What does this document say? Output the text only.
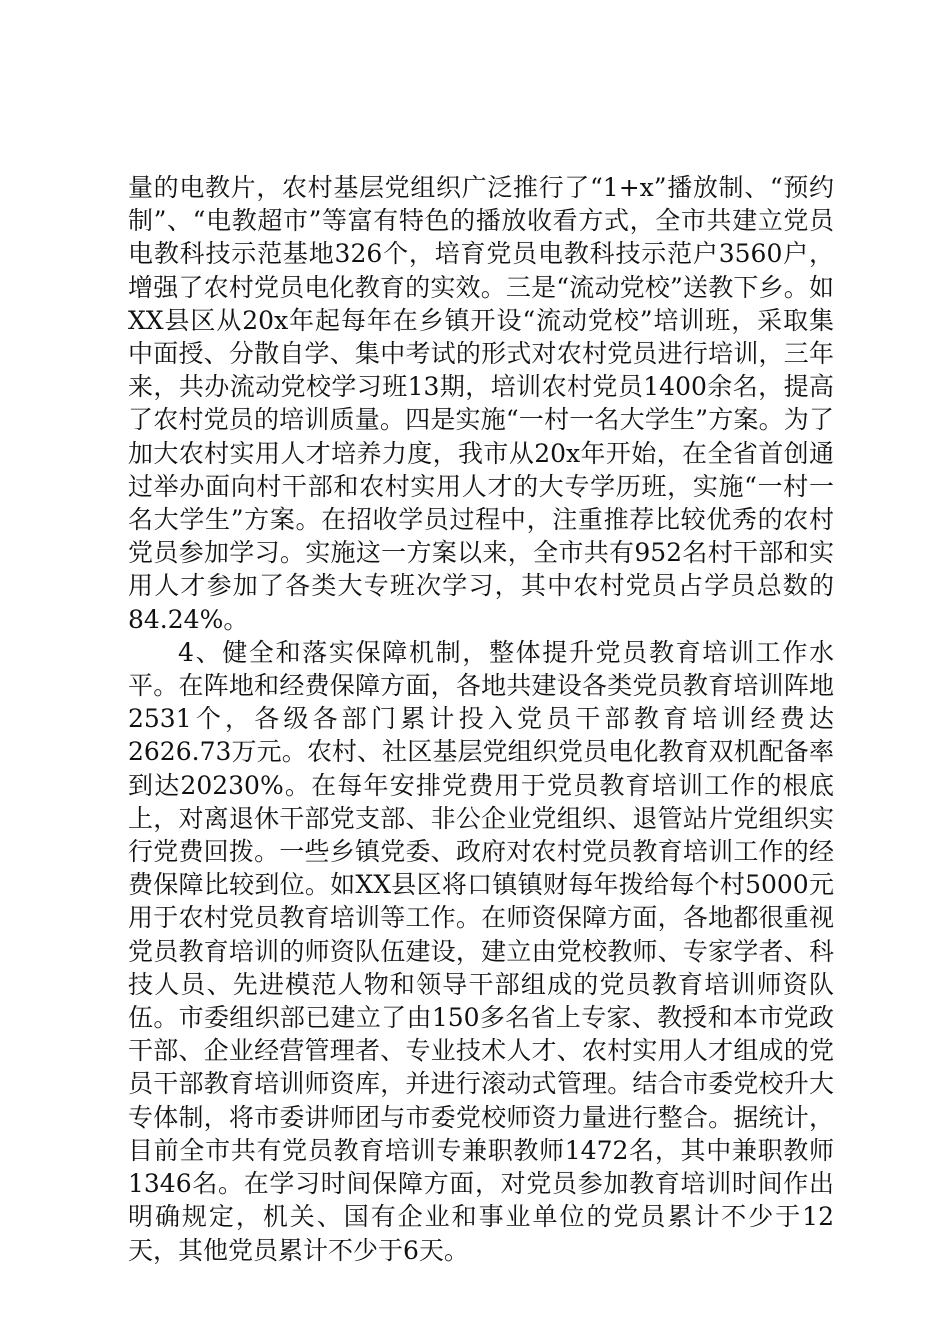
量的电教片，农村基层党组织广泛推行了“1+x”播放制、“预约制”、“电教超市”等富有特色的播放收看方式，全市共建立党员电教科技示范基地326个，培育党员电教科技示范户3560户，增强了农村党员电化教育的实效。三是“流动党校”送教下乡。如XX县区从20x年起每年在乡镇开设“流动党校”培训班，采取集中面授、分散自学、集中考试的形式对农村党员进行培训，三年来，共办流动党校学习班13期，培训农村党员1400余名，提高了农村党员的培训质量。四是实施“一村一名大学生”方案。为了加大农村实用人才培养力度，我市从20x年开始，在全省首创通过举办面向村干部和农村实用人才的大专学历班，实施“一村一名大学生”方案。在招收学员过程中，注重推荐比较优秀的农村党员参加学习。实施这一方案以来，全市共有952名村干部和实用人才参加了各类大专班次学习，其中农村党员占学员总数的84.24%。

4、健全和落实保障机制，整体提升党员教育培训工作水平。在阵地和经费保障方面，各地共建设各类党员教育培训阵地2531个，各级各部门累计投入党员干部教育培训经费达2626.73万元。农村、社区基层党组织党员电化教育双机配备率到达20230%。在每年安排党费用于党员教育培训工作的根底上，对离退休干部党支部、非公企业党组织、退管站片党组织实行党费回拨。一些乡镇党委、政府对农村党员教育培训工作的经费保障比较到位。如XX县区将口镇镇财每年拨给每个村5000元用于农村党员教育培训等工作。在师资保障方面，各地都很重视党员教育培训的师资队伍建设，建立由党校教师、专家学者、科技人员、先进模范人物和领导干部组成的党员教育培训师资队伍。市委组织部已建立了由150多名省上专家、教授和本市党政干部、企业经营管理者、专业技术人才、农村实用人才组成的党员干部教育培训师资库，并进行滚动式管理。结合市委党校升大专体制，将市委讲师团与市委党校师资力量进行整合。据统计，目前全市共有党员教育培训专兼职教师1472名，其中兼职教师1346名。在学习时间保障方面，对党员参加教育培训时间作出明确规定，机关、国有企业和事业单位的党员累计不少于12天，其他党员累计不少于6天。
